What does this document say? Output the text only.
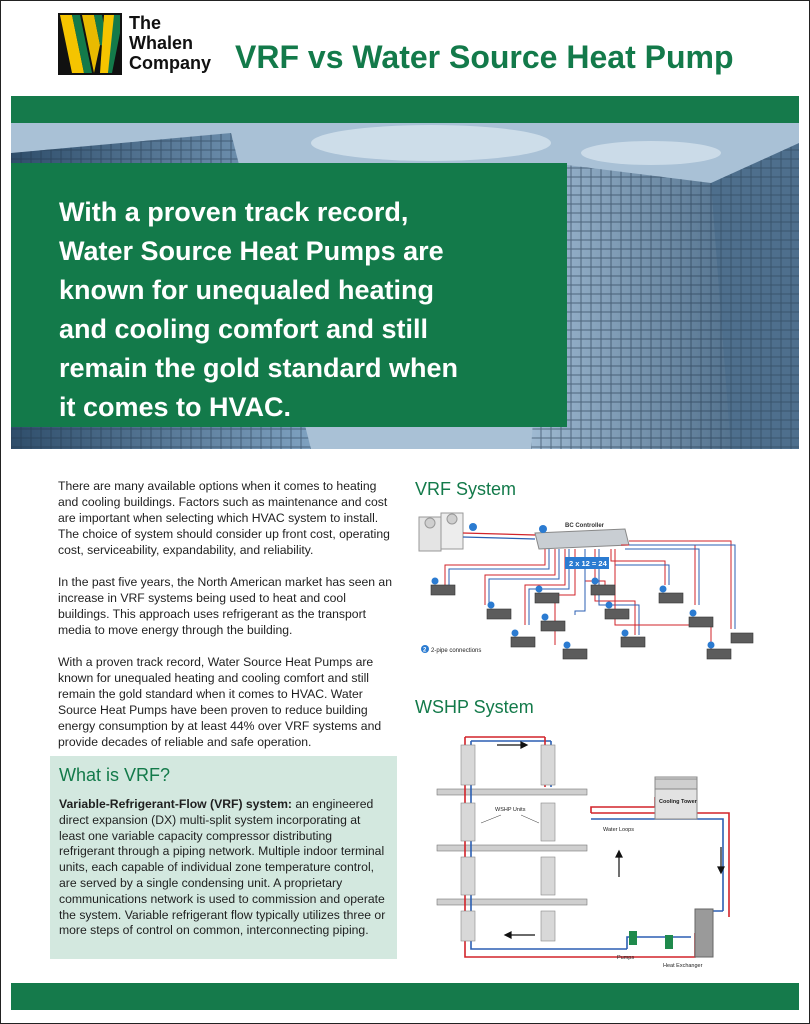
The
Whalen
Company VRF vs Water Source Heat Pump
With a proven track record,
Water Source Heat Pumps are
known for unequaled heating
and cooling comfort and still
remain the gold standard when
it comes to HVAC.

There are many available options when it comes to heating and cooling buildings. Factors such as maintenance and cost are important when selecting which HVAC system to install. The choice of system should consider up front cost, operating cost, serviceability, expandability, and reliability.

In the past five years, the North American market has seen an increase in VRF systems being used to heat and cool buildings. This approach uses refrigerant as the transport media to move energy through the building.

With a proven track record, Water Source Heat Pumps are known for unequaled heating and cooling comfort and still remain the gold standard when it comes to HVAC. Water Source Heat Pumps have been proven to reduce building energy consumption by at least 44% over VRF systems and provide decades of reliable and safe operation.

What is VRF?
Variable-Refrigerant-Flow (VRF) system: an engineered direct expansion (DX) multi-split system incorporating at least one variable capacity compressor distributing refrigerant through a piping network. Multiple indoor terminal units, each capable of individual zone temperature control, are served by a single condensing unit. A proprietary communications network is used to commission and operate the system. Variable refrigerant flow typically utilizes three or more steps of control on common, interconnecting piping.
VRF System
BC Controller
2 x 12 = 24
2 2-pipe connections
WSHP System
Cooling Tower
WSHP Units
Water Loops
Pumps
Heat Exchanger
